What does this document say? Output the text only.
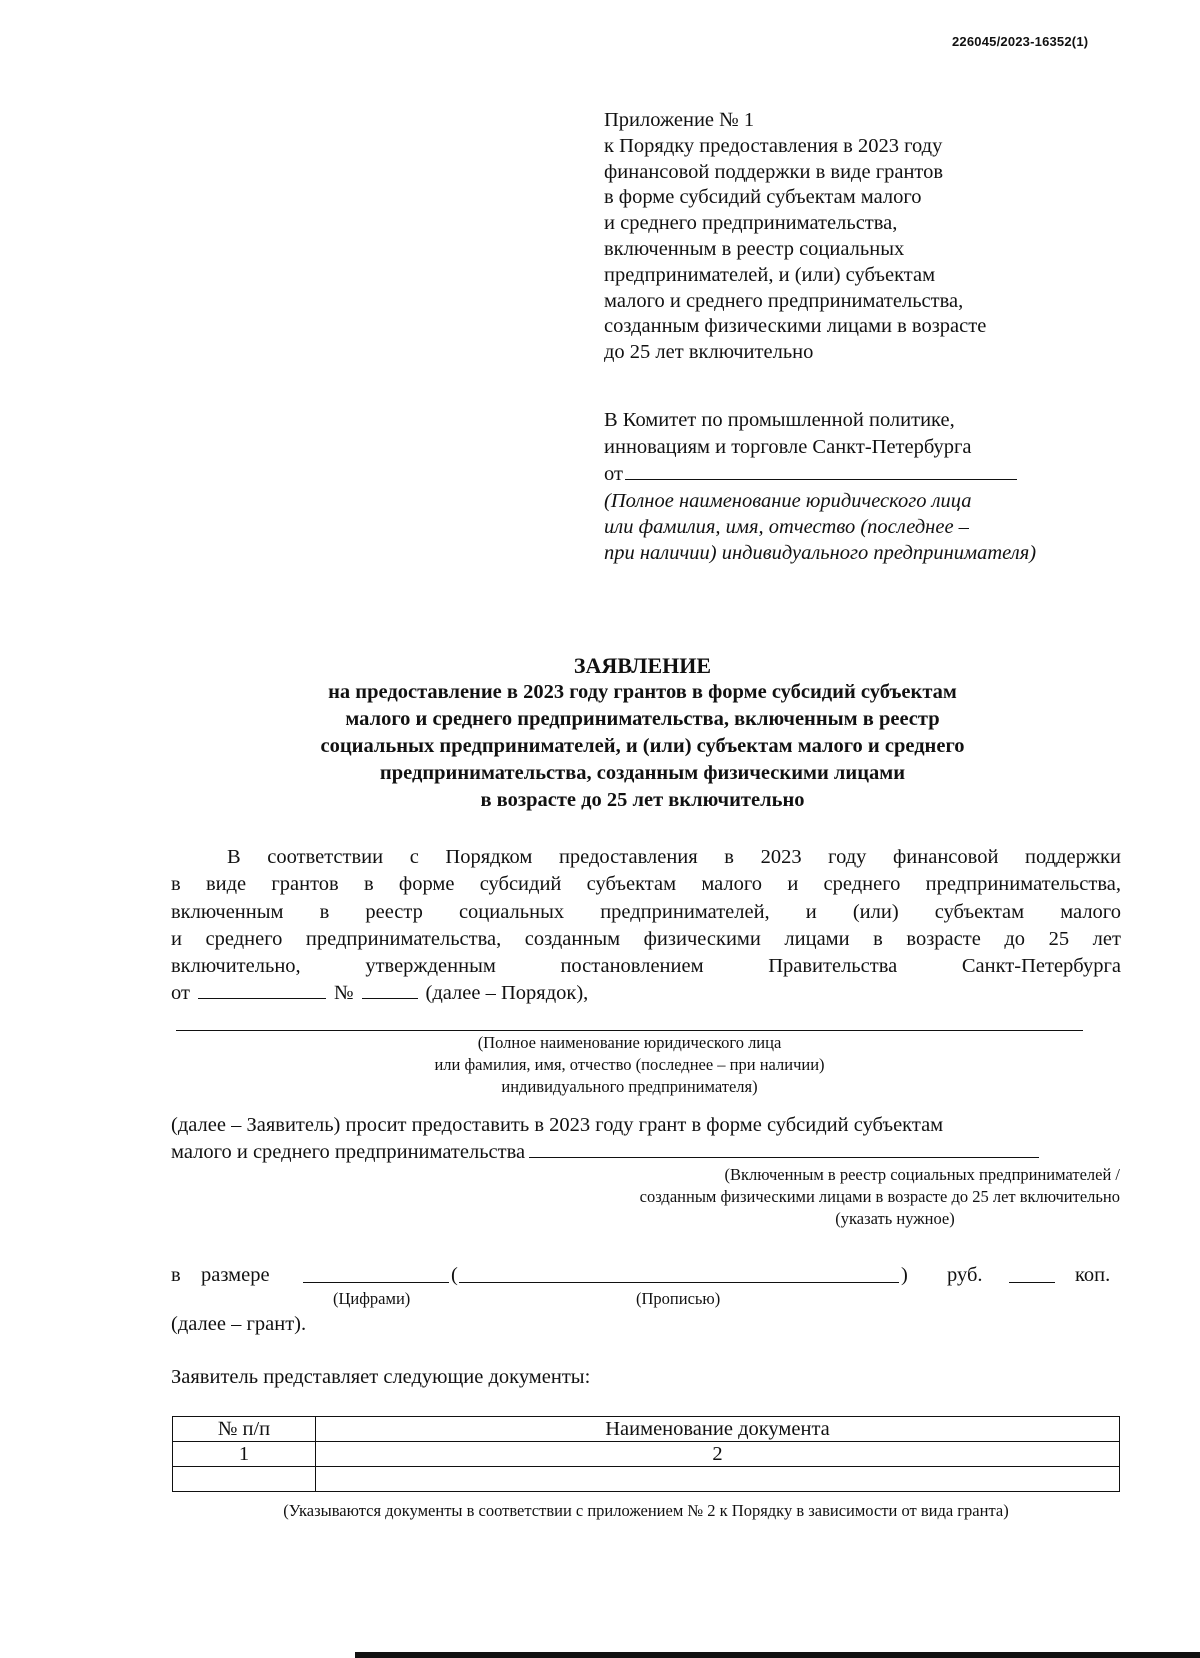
226045/2023-16352(1)
Приложение № 1
к Порядку предоставления в 2023 году
финансовой поддержки в виде грантов
в форме субсидий субъектам малого
и среднего предпринимательства,
включенным в реестр социальных
предпринимателей, и (или) субъектам
малого и среднего предпринимательства,
созданным физическими лицами в возрасте
до 25 лет включительно
В Комитет по промышленной политике,
инновациям и торговле Санкт-Петербурга
от
(Полное наименование юридического лица
или фамилия, имя, отчество (последнее –
при наличии) индивидуального предпринимателя)
ЗАЯВЛЕНИЕ
на предоставление в 2023 году грантов в форме субсидий субъектам
малого и среднего предпринимательства, включенным в реестр
социальных предпринимателей, и (или) субъектам малого и среднего
предпринимательства, созданным физическими лицами
в возрасте до 25 лет включительно
В соответствии с Порядком предоставления в 2023 году финансовой поддержки
в виде грантов в форме субсидий субъектам малого и среднего предпринимательства,
включенным в реестр социальных предпринимателей, и (или) субъектам малого
и среднего предпринимательства, созданным физическими лицами в возрасте до 25 лет
включительно,	утвержденным	постановлением	Правительства	Санкт-Петербурга
от	№	(далее – Порядок),
(Полное наименование юридического лица
или фамилия, имя, отчество (последнее – при наличии)
индивидуального предпринимателя)
(далее – Заявитель) просит предоставить в 2023 году грант в форме субсидий субъектам
малого и среднего предпринимательства
(Включенным в реестр социальных предпринимателей /
созданным физическими лицами в возрасте до 25 лет включительно
(указать нужное)
в размере	(	) руб.	коп.
(Цифрами)	(Прописью)
(далее – грант).
Заявитель представляет следующие документы:
№ п/п	Наименование документа
1	2

(Указываются документы в соответствии с приложением № 2 к Порядку в зависимости от вида гранта)
